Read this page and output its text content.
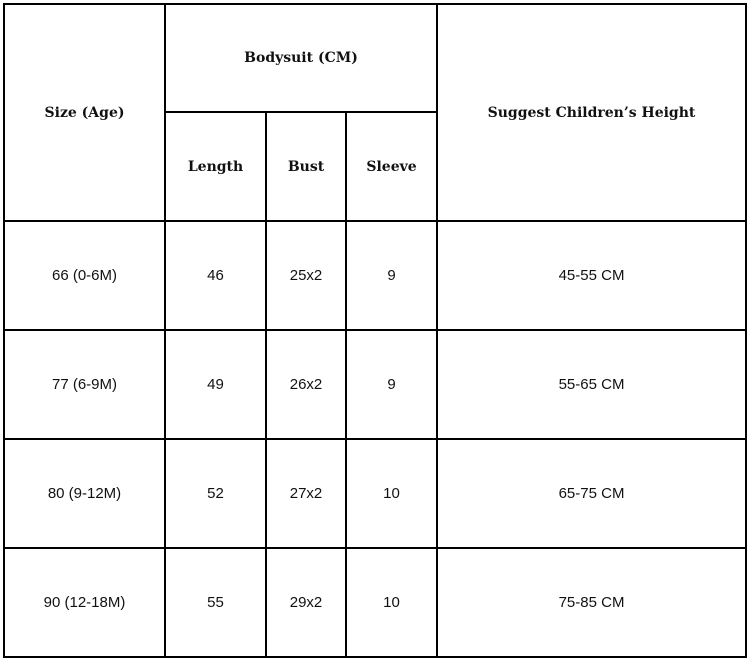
Size (Age)	Bodysuit (CM)			Suggest Children’s Height
	Length	Bust	Sleeve	
66 (0-6M)	46	25x2	9	45-55 CM
77 (6-9M)	49	26x2	9	55-65 CM
80 (9-12M)	52	27x2	10	65-75 CM
90 (12-18M)	55	29x2	10	75-85 CM
